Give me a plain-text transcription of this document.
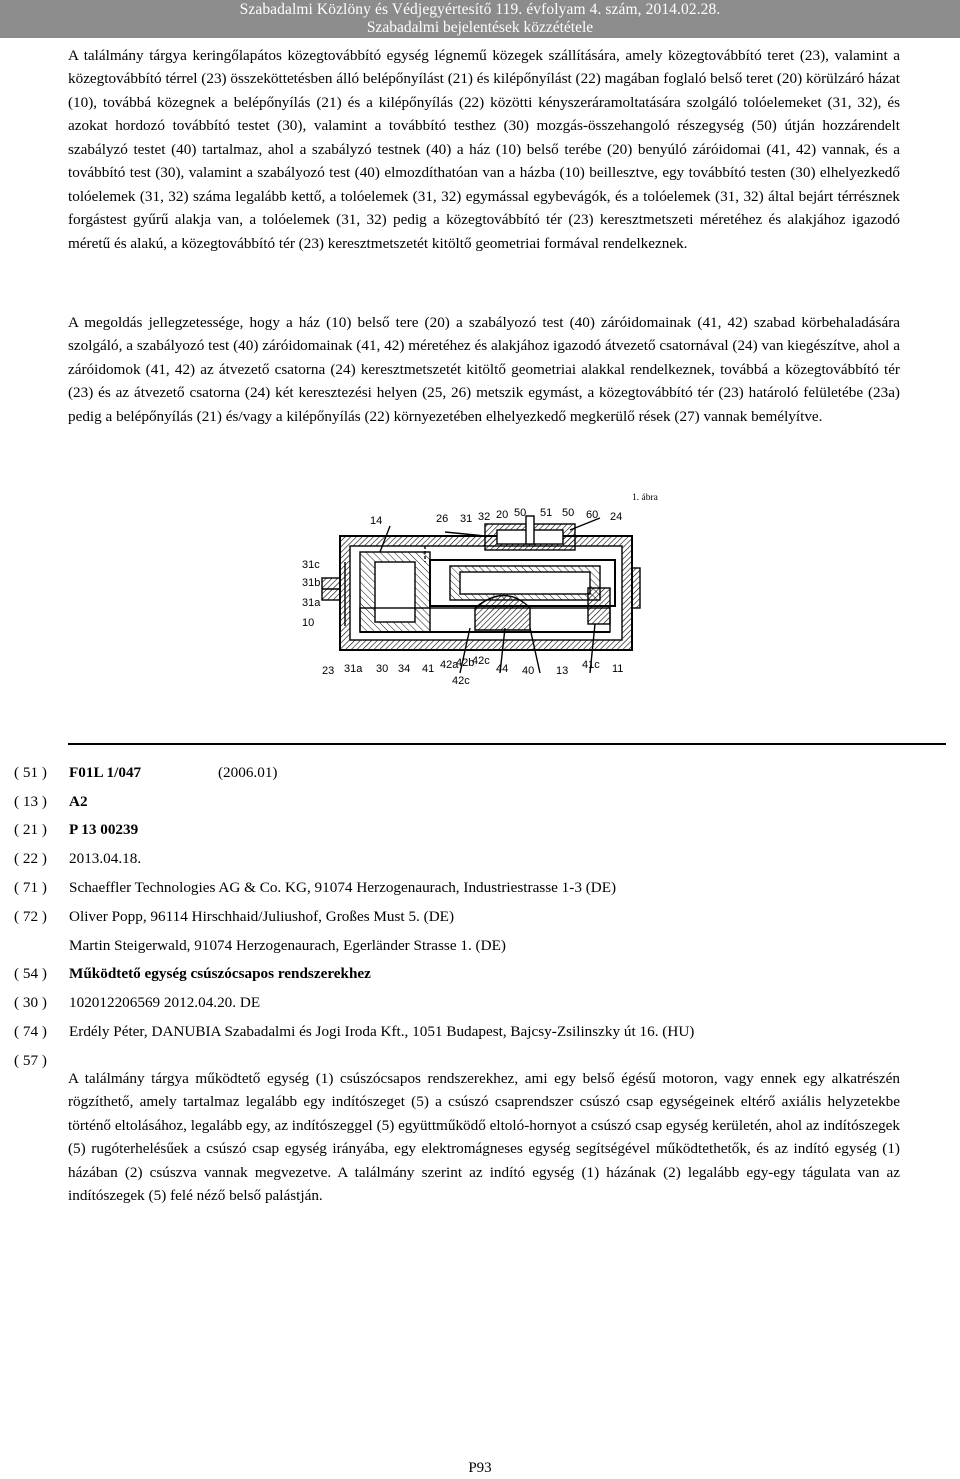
Szabadalmi Közlöny és Védjegyértesítő 119. évfolyam 4. szám, 2014.02.28.
Szabadalmi bejelentések közzététele

A találmány tárgya keringőlapátos közegtovábbító egység légnemű közegek szállítására, amely közegtovábbító teret (23), valamint a közegtovábbító térrel (23) összeköttetésben álló belépőnyílást (21) és kilépőnyílást (22) magában foglaló belső teret (20) körülzáró házat (10), továbbá közegnek a belépőnyílás (21) és a kilépőnyílás (22) közötti kényszeráramoltatására szolgáló tolóelemeket (31, 32), és azokat hordozó továbbító testet (30), valamint a továbbító testhez (30) mozgás-összehangoló részegység (50) útján hozzárendelt szabályzó testet (40) tartalmaz, ahol a szabályzó testnek (40) a ház (10) belső terébe (20) benyúló záróidomai (41, 42) vannak, és a továbbító test (30), valamint a szabályozó test (40) elmozdíthatóan van a házba (10) beillesztve, egy továbbító testen (30) elhelyezkedő tolóelemek (31, 32) száma legalább kettő, a tolóelemek (31, 32) egymással egybevágók, és a tolóelemek (31, 32) által bejárt térrésznek forgástest gyűrű alakja van, a tolóelemek (31, 32) pedig a közegtovábbító tér (23) keresztmetszeti méretéhez és alakjához igazodó méretű és alakú, a közegtovábbító tér (23) keresztmetszetét kitöltő geometriai formával rendelkeznek.

A megoldás jellegzetessége, hogy a ház (10) belső tere (20) a szabályozó test (40) záróidomainak (41, 42) szabad körbehaladására szolgáló, a szabályozó test (40) záróidomainak (41, 42) méretéhez és alakjához igazodó átvezető csatornával (24) van kiegészítve, ahol a záróidomok (41, 42) az átvezető csatorna (24) keresztmetszetét kitöltő geometriai alakkal rendelkeznek, továbbá a közegtovábbító tér (23) és az átvezető csatorna (24) két keresztezési helyen (25, 26) metszik egymást, a közegtovábbító tér (23) határoló felületébe (23a) pedig a belépőnyílás (21) és/vagy a kilépőnyílás (22) környezetében elhelyezkedő megkerülő rések (27) vannak bemélyítve.

1. ábra
14	26 31 32 20 50 51 50 60 24
31c
31b
31a
10
23 31a 30 34 41 42a
42b
42c
44 40 13 41c 11
42c
( 51 )	F01L 1/047	(2006.01)
( 13 )	A2
( 21 )	P 13 00239
( 22 )	2013.04.18.
( 71 )	Schaeffler Technologies AG & Co. KG, 91074 Herzogenaurach, Industriestrasse 1-3 (DE)
( 72 )	Oliver Popp, 96114 Hirschhaid/Juliushof, Großes Must 5. (DE)
Martin Steigerwald, 91074 Herzogenaurach, Egerländer Strasse 1. (DE)
( 54 )	Működtető egység csúszócsapos rendszerekhez
( 30 )	102012206569 2012.04.20. DE
( 74 )	Erdély Péter, DANUBIA Szabadalmi és Jogi Iroda Kft., 1051 Budapest, Bajcsy-Zsilinszky út 16. (HU)
( 57 )

A találmány tárgya működtető egység (1) csúszócsapos rendszerekhez, ami egy belső égésű motoron, vagy ennek egy alkatrészén rögzíthető, amely tartalmaz legalább egy indítószeget (5) a csúszó csaprendszer csúszó csap egységeinek eltérő axiális helyzetekbe történő eltolásához, legalább egy, az indítószeggel (5) együttműködő eltoló-hornyot a csúszó csap egység kerületén, ahol az indítószegek (5) rugóterhelésűek a csúszó csap egység irányába, egy elektromágneses egység segítségével működtethetők, és az indító egység (1) házában (2) csúszva vannak megvezetve. A találmány szerint az indító egység (1) házának (2) legalább egy-egy tágulata van az indítószegek (5) felé néző belső palástján.

P93
